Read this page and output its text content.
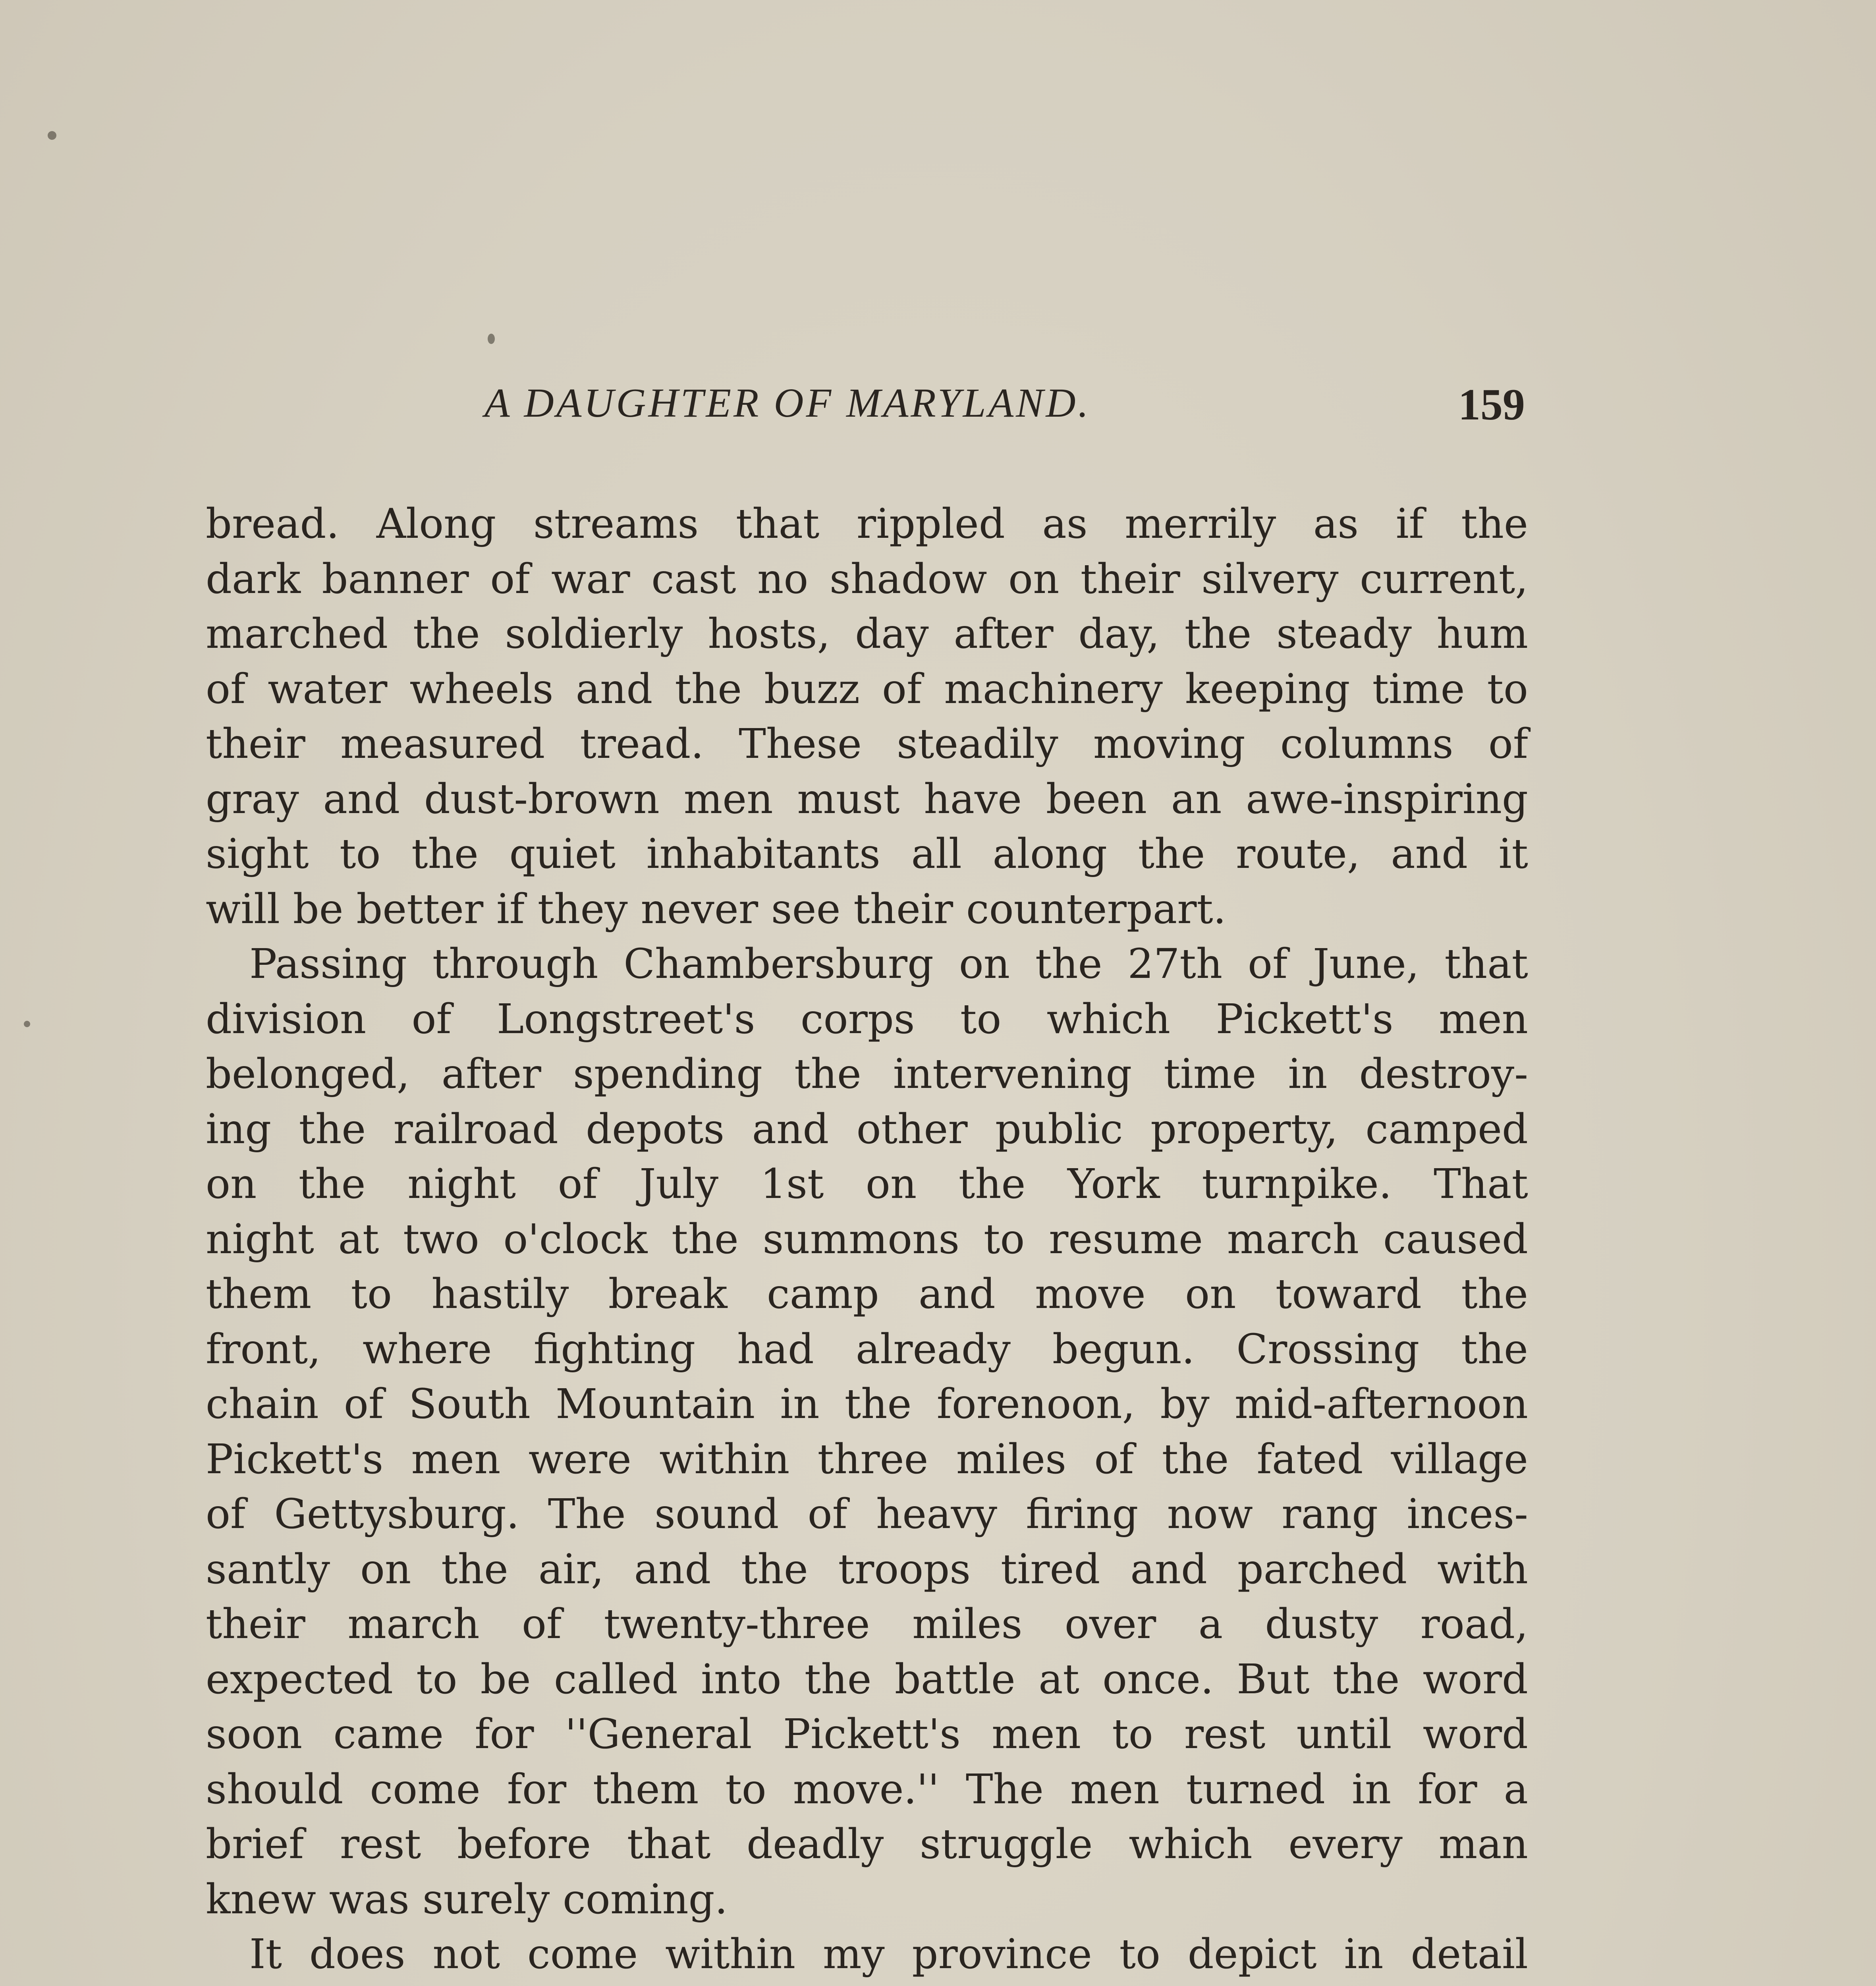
A DAUGHTER OF MARYLAND.	159
bread. Along streams that rippled as merrily as if the
dark banner of war cast no shadow on their silvery current,
marched the soldierly hosts, day after day, the steady hum
of water wheels and the buzz of machinery keeping time to
their measured tread. These steadily moving columns of
gray and dust-brown men must have been an awe-inspiring
sight to the quiet inhabitants all along the route, and it
will be better if they never see their counterpart.
Passing through Chambersburg on the 27th of June, that
division of Longstreet's corps to which Pickett's men
belonged, after spending the intervening time in destroy-
ing the railroad depots and other public property, camped
on the night of July 1st on the York turnpike. That
night at two o'clock the summons to resume march caused
them to hastily break camp and move on toward the
front, where fighting had already begun. Crossing the
chain of South Mountain in the forenoon, by mid-afternoon
Pickett's men were within three miles of the fated village
of Gettysburg. The sound of heavy firing now rang inces-
santly on the air, and the troops tired and parched with
their march of twenty-three miles over a dusty road,
expected to be called into the battle at once. But the word
soon came for ''General Pickett's men to rest until word
should come for them to move.'' The men turned in for a
brief rest before that deadly struggle which every man
knew was surely coming.
It does not come within my province to depict in detail
